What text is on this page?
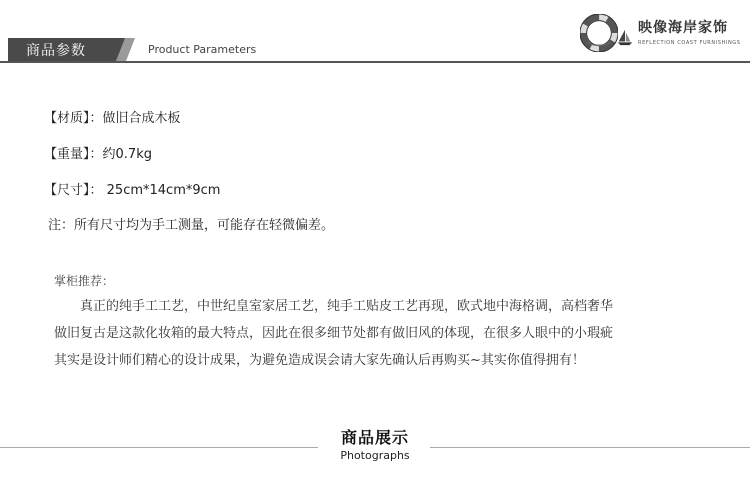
商品参数	Product Parameters
映像海岸家饰
REFLECTION COAST FURNISHINGS
【材质】：做旧合成木板
【重量】：约0.7kg
【尺寸】： 25cm*14cm*9cm
注：所有尺寸均为手工测量，可能存在轻微偏差。
掌柜推荐：
真正的纯手工工艺，中世纪皇室家居工艺，纯手工贴皮工艺再现，欧式地中海格调，高档奢华
做旧复古是这款化妆箱的最大特点，因此在很多细节处都有做旧风的体现，在很多人眼中的小瑕疵
其实是设计师们精心的设计成果，为避免造成误会请大家先确认后再购买~其实你值得拥有！
商品展示
Photographs
